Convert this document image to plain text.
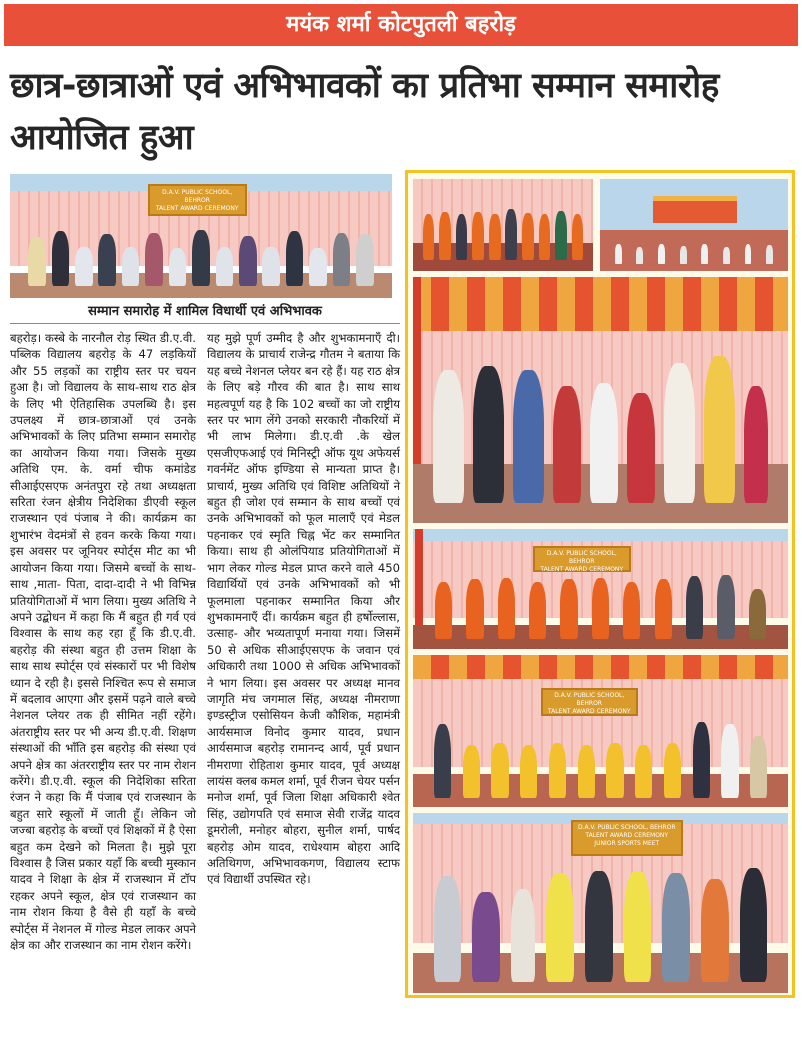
मयंक शर्मा कोटपुतली बहरोड़
छात्र-छात्राओं एवं अभिभावकों का प्रतिभा सम्मान समारोह आयोजित हुआ
D.A.V. PUBLIC SCHOOL, BEHROR
TALENT AWARD CEREMONY
सम्मान समारोह में शामिल विधार्थी एवं अभिभावक
बहरोड़। कस्बे के नारनौल रोड़ स्थित डी.ए.वी. पब्लिक विद्यालय बहरोड़ के 47 लड़कियों और 55 लड़कों का राष्ट्रीय स्तर पर चयन हुआ है। जो विद्यालय के साथ-साथ राठ क्षेत्र के लिए भी ऐतिहासिक उपलब्धि है। इस उपलक्ष्य में छात्र-छात्राओं एवं उनके अभिभावकों के लिए प्रतिभा सम्मान समारोह का आयोजन किया गया। जिसके मुख्य अतिथि एम. के. वर्मा चीफ कमांडेड सीआईएसएफ अनंतपुरा रहे तथा अध्यक्षता सरिता रंजन क्षेत्रीय निदेशिका डीएवी स्कूल राजस्थान एवं पंजाब ने की। कार्यक्रम का शुभारंभ वेदमंत्रों से हवन करके किया गया। इस अवसर पर जूनियर स्पोर्ट्स मीट का भी आयोजन किया गया। जिसमे बच्चों के साथ-साथ ,माता- पिता, दादा-दादी ने भी विभिन्न प्रतियोगिताओं में भाग लिया। मुख्य अतिथि ने अपने उद्बोधन में कहा कि मैं बहुत ही गर्व एवं विश्वास के साथ कह रहा हूँ कि डी.ए.वी. बहरोड़ की संस्था बहुत ही उत्तम शिक्षा के साथ साथ स्पोर्ट्स एवं संस्कारों पर भी विशेष ध्यान दे रही है। इससे निश्चित रूप से समाज में बदलाव आएगा और इसमें पढ़ने वाले बच्चे नेशनल प्लेयर तक ही सीमित नहीं रहेंगे। अंतराष्ट्रीय स्तर पर भी अन्य डी.ए.वी. शिक्षण संस्थाओं की भाँति इस बहरोड़ की संस्था एवं अपने क्षेत्र का अंतरराष्ट्रीय स्तर पर नाम रोशन करेंगे। डी.ए.वी. स्कूल की निदेशिका सरिता रंजन ने कहा कि मैं पंजाब एवं राजस्थान के बहुत सारे स्कूलों में जाती हूँ। लेकिन जो जज्बा बहरोड़ के बच्चों एवं शिक्षकों में है ऐसा बहुत कम देखने को मिलता है। मुझे पूरा विश्वास है जिस प्रकार यहाँ कि बच्ची मुस्कान यादव ने शिक्षा के क्षेत्र में राजस्थान में टॉप रहकर अपने स्कूल, क्षेत्र एवं राजस्थान का नाम रोशन किया है वैसे ही यहाँ के बच्चे स्पोर्ट्स में नेशनल में गोल्ड मेडल लाकर अपने क्षेत्र का और राजस्थान का नाम रोशन करेंगे।
यह मुझे पूर्ण उम्मीद है और शुभकामनाएँ दी। विद्यालय के प्राचार्य राजेन्द्र गौतम ने बताया कि यह बच्चे नेशनल प्लेयर बन रहे हैं। यह राठ क्षेत्र के लिए बड़े गौरव की बात है। साथ साथ महत्वपूर्ण यह है कि 102 बच्चों का जो राष्ट्रीय स्तर पर भाग लेंगे उनको सरकारी नौकरियों में भी लाभ मिलेगा। डी.ए.वी .के खेल एसजीएफआई एवं मिनिस्ट्री ऑफ यूथ अफेयर्स गवर्नमेंट ऑफ इण्डिया से मान्यता प्राप्त है। प्राचार्य, मुख्य अतिथि एवं विशिष्ट अतिथियों ने बहुत ही जोश एवं सम्मान के साथ बच्चों एवं उनके अभिभावकों को फूल मालाएँ एवं मेडल पहनाकर एवं स्मृति चिह्न भेंट कर सम्मानित किया। साथ ही ओलंपियाड प्रतियोगिताओं में भाग लेकर गोल्ड मेडल प्राप्त करने वाले 450 विद्यार्थियों एवं उनके अभिभावकों को भी फूलमाला पहनाकर सम्मानित किया और शुभकामनाएँ दीं। कार्यक्रम बहुत ही हर्षोल्लास, उत्साह- और भव्यतापूर्ण मनाया गया। जिसमें 50 से अधिक सीआईएसएफ के जवान एवं अधिकारी तथा 1000 से अधिक अभिभावकों ने भाग लिया। इस अवसर पर अध्यक्ष मानव जागृति मंच जगमाल सिंह, अध्यक्ष नीमराणा इण्डस्ट्रीज एसोसियन केजी कौशिक, महामंत्री आर्यसमाज विनोद कुमार यादव, प्रधान आर्यसमाज बहरोड़ रामानन्द आर्य, पूर्व प्रधान नीमराणा रोहिताश कुमार यादव, पूर्व अध्यक्ष लायंस क्लब कमल शर्मा, पूर्व रीजन चेयर पर्सन मनोज शर्मा, पूर्व जिला शिक्षा अधिकारी श्वेत सिंह, उद्योगपति एवं समाज सेवी राजेंद्र यादव डूमरोली, मनोहर बोहरा, सुनील शर्मा, पार्षद बहरोड़ ओम यादव, राधेश्याम बोहरा आदि अतिथिगण, अभिभावकगण, विद्यालय स्टाफ एवं विद्यार्थी उपस्थित रहे।
D.A.V. PUBLIC SCHOOL, BEHROR
TALENT AWARD CEREMONY
D.A.V. PUBLIC SCHOOL, BEHROR
TALENT AWARD CEREMONY
D.A.V. PUBLIC SCHOOL, BEHROR
TALENT AWARD CEREMONY
JUNIOR SPORTS MEET
